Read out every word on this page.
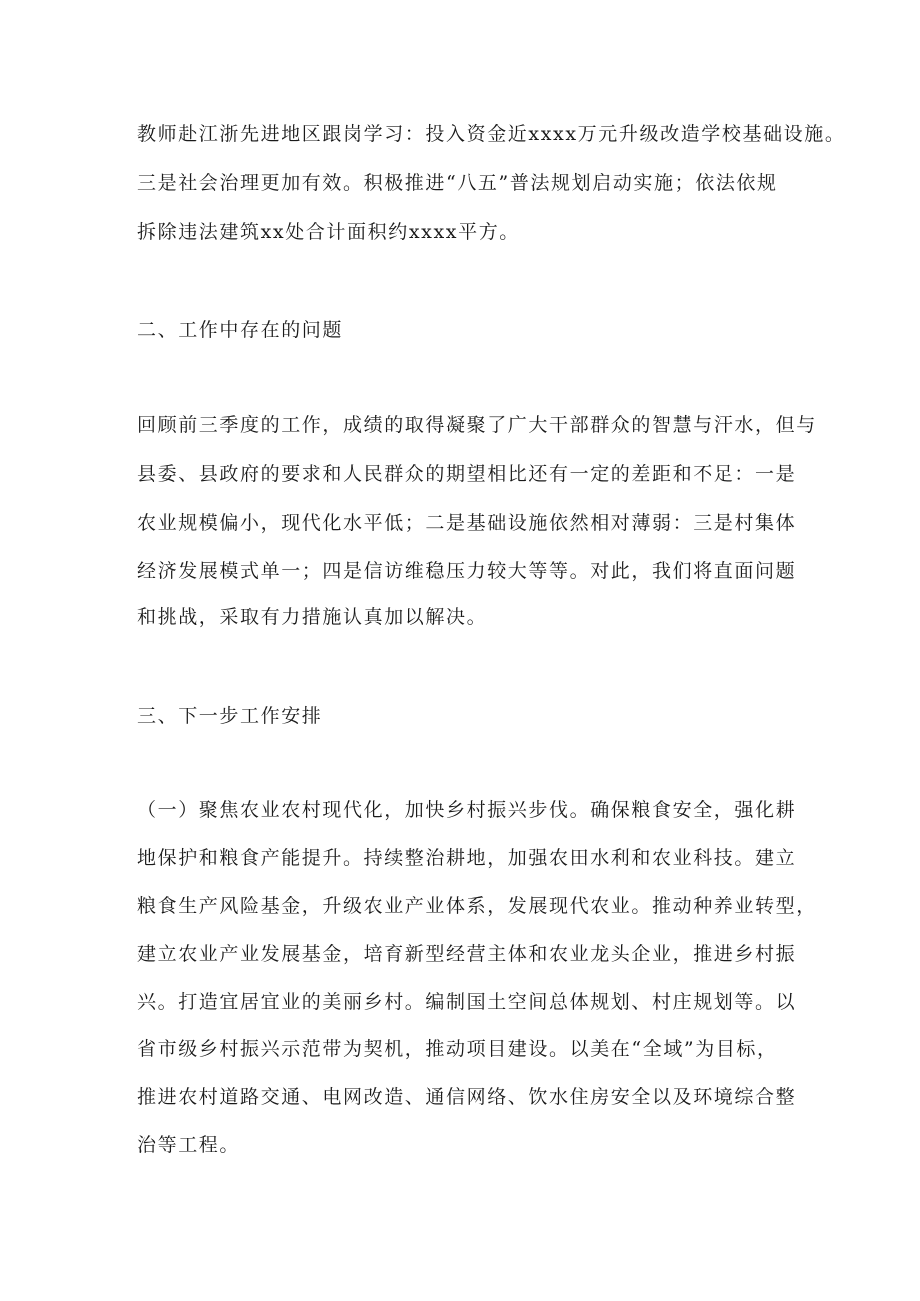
教师赴江浙先进地区跟岗学习：投入资金近xxxx万元升级改造学校基础设施。
三是社会治理更加有效。积极推进“八五”普法规划启动实施；依法依规
拆除违法建筑xx处合计面积约xxxx平方。
二、工作中存在的问题
回顾前三季度的工作，成绩的取得凝聚了广大干部群众的智慧与汗水，但与
县委、县政府的要求和人民群众的期望相比还有一定的差距和不足：一是
农业规模偏小，现代化水平低；二是基础设施依然相对薄弱：三是村集体
经济发展模式单一；四是信访维稳压力较大等等。对此，我们将直面问题
和挑战，采取有力措施认真加以解决。
三、下一步工作安排
（一）聚焦农业农村现代化，加快乡村振兴步伐。确保粮食安全，强化耕
地保护和粮食产能提升。持续整治耕地，加强农田水利和农业科技。建立
粮食生产风险基金，升级农业产业体系，发展现代农业。推动种养业转型，
建立农业产业发展基金，培育新型经营主体和农业龙头企业，推进乡村振
兴。打造宜居宜业的美丽乡村。编制国土空间总体规划、村庄规划等。以
省市级乡村振兴示范带为契机，推动项目建设。以美在“全域”为目标，
推进农村道路交通、电网改造、通信网络、饮水住房安全以及环境综合整
治等工程。
